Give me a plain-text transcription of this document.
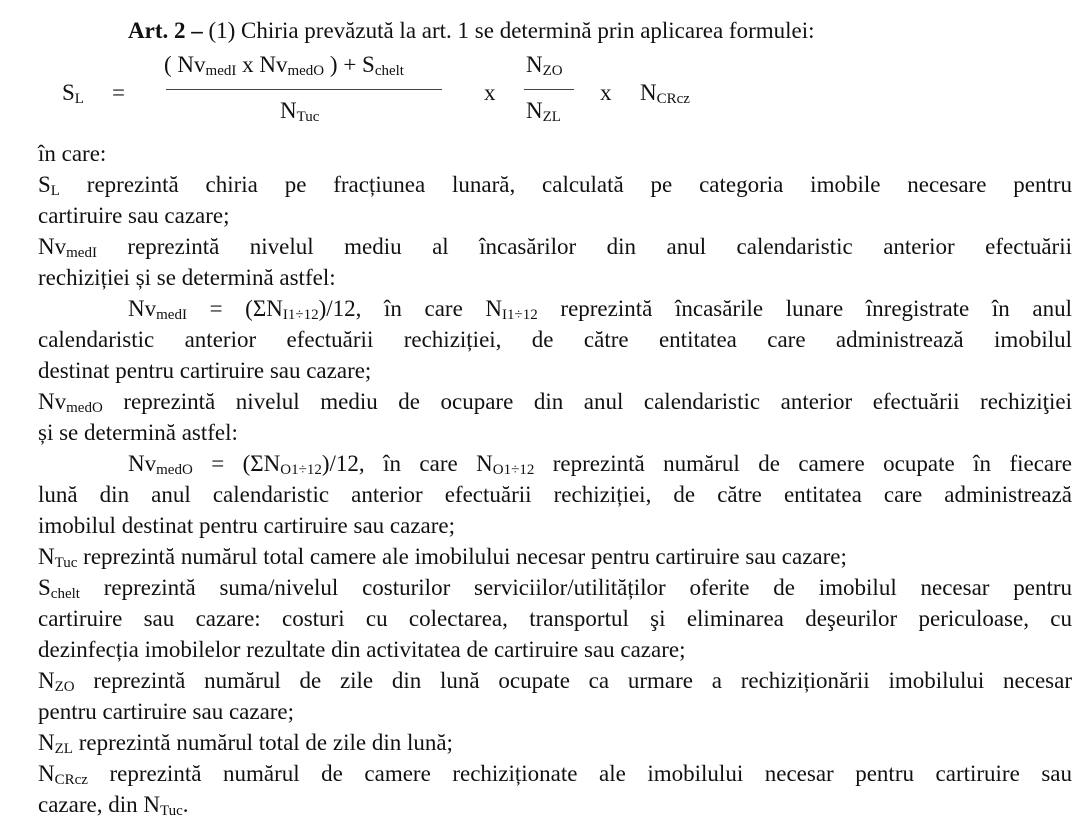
Art. 2 – (1) Chiria prevăzută la art. 1 se determină prin aplicarea formulei:
$S_L$ =
( $Nv_{medI}$ x $Nv_{medO}$ ) + $S_{chelt}$
$N_{Tuc}$
x
$N_{ZO}$
$N_{ZL}$
x $N_{CRcz}$
în care:
$S_L$ reprezintă chiria pe fracțiunea lunară, calculată pe categoria imobile necesare pentru
cartiruire sau cazare;
$Nv_{medI}$ reprezintă nivelul mediu al încasărilor din anul calendaristic anterior efectuării
rechiziției și se determină astfel:
$Nv_{medI} = (\Sigma N_{I1\div 12})/12$, în care $N_{I1\div 12}$ reprezintă încasările lunare înregistrate în anul
calendaristic anterior efectuării rechiziției, de către entitatea care administrează imobilul
destinat pentru cartiruire sau cazare;
$Nv_{medO}$ reprezintă nivelul mediu de ocupare din anul calendaristic anterior efectuării rechiziţiei
și se determină astfel:
$Nv_{medO} = (\Sigma N_{O1\div 12})/12$, în care $N_{O1\div 12}$ reprezintă numărul de camere ocupate în fiecare
lună din anul calendaristic anterior efectuării rechiziției, de către entitatea care administrează
imobilul destinat pentru cartiruire sau cazare;
$N_{Tuc}$ reprezintă numărul total camere ale imobilului necesar pentru cartiruire sau cazare;
$S_{chelt}$ reprezintă suma/nivelul costurilor serviciilor/utilităților oferite de imobilul necesar pentru
cartiruire sau cazare: costuri cu colectarea, transportul şi eliminarea deşeurilor periculoase, cu
dezinfecția imobilelor rezultate din activitatea de cartiruire sau cazare;
$N_{ZO}$ reprezintă numărul de zile din lună ocupate ca urmare a rechiziționării imobilului necesar
pentru cartiruire sau cazare;
$N_{ZL}$ reprezintă numărul total de zile din lună;
$N_{CRcz}$ reprezintă numărul de camere rechiziționate ale imobilului necesar pentru cartiruire sau
cazare, din $N_{Tuc}$.
